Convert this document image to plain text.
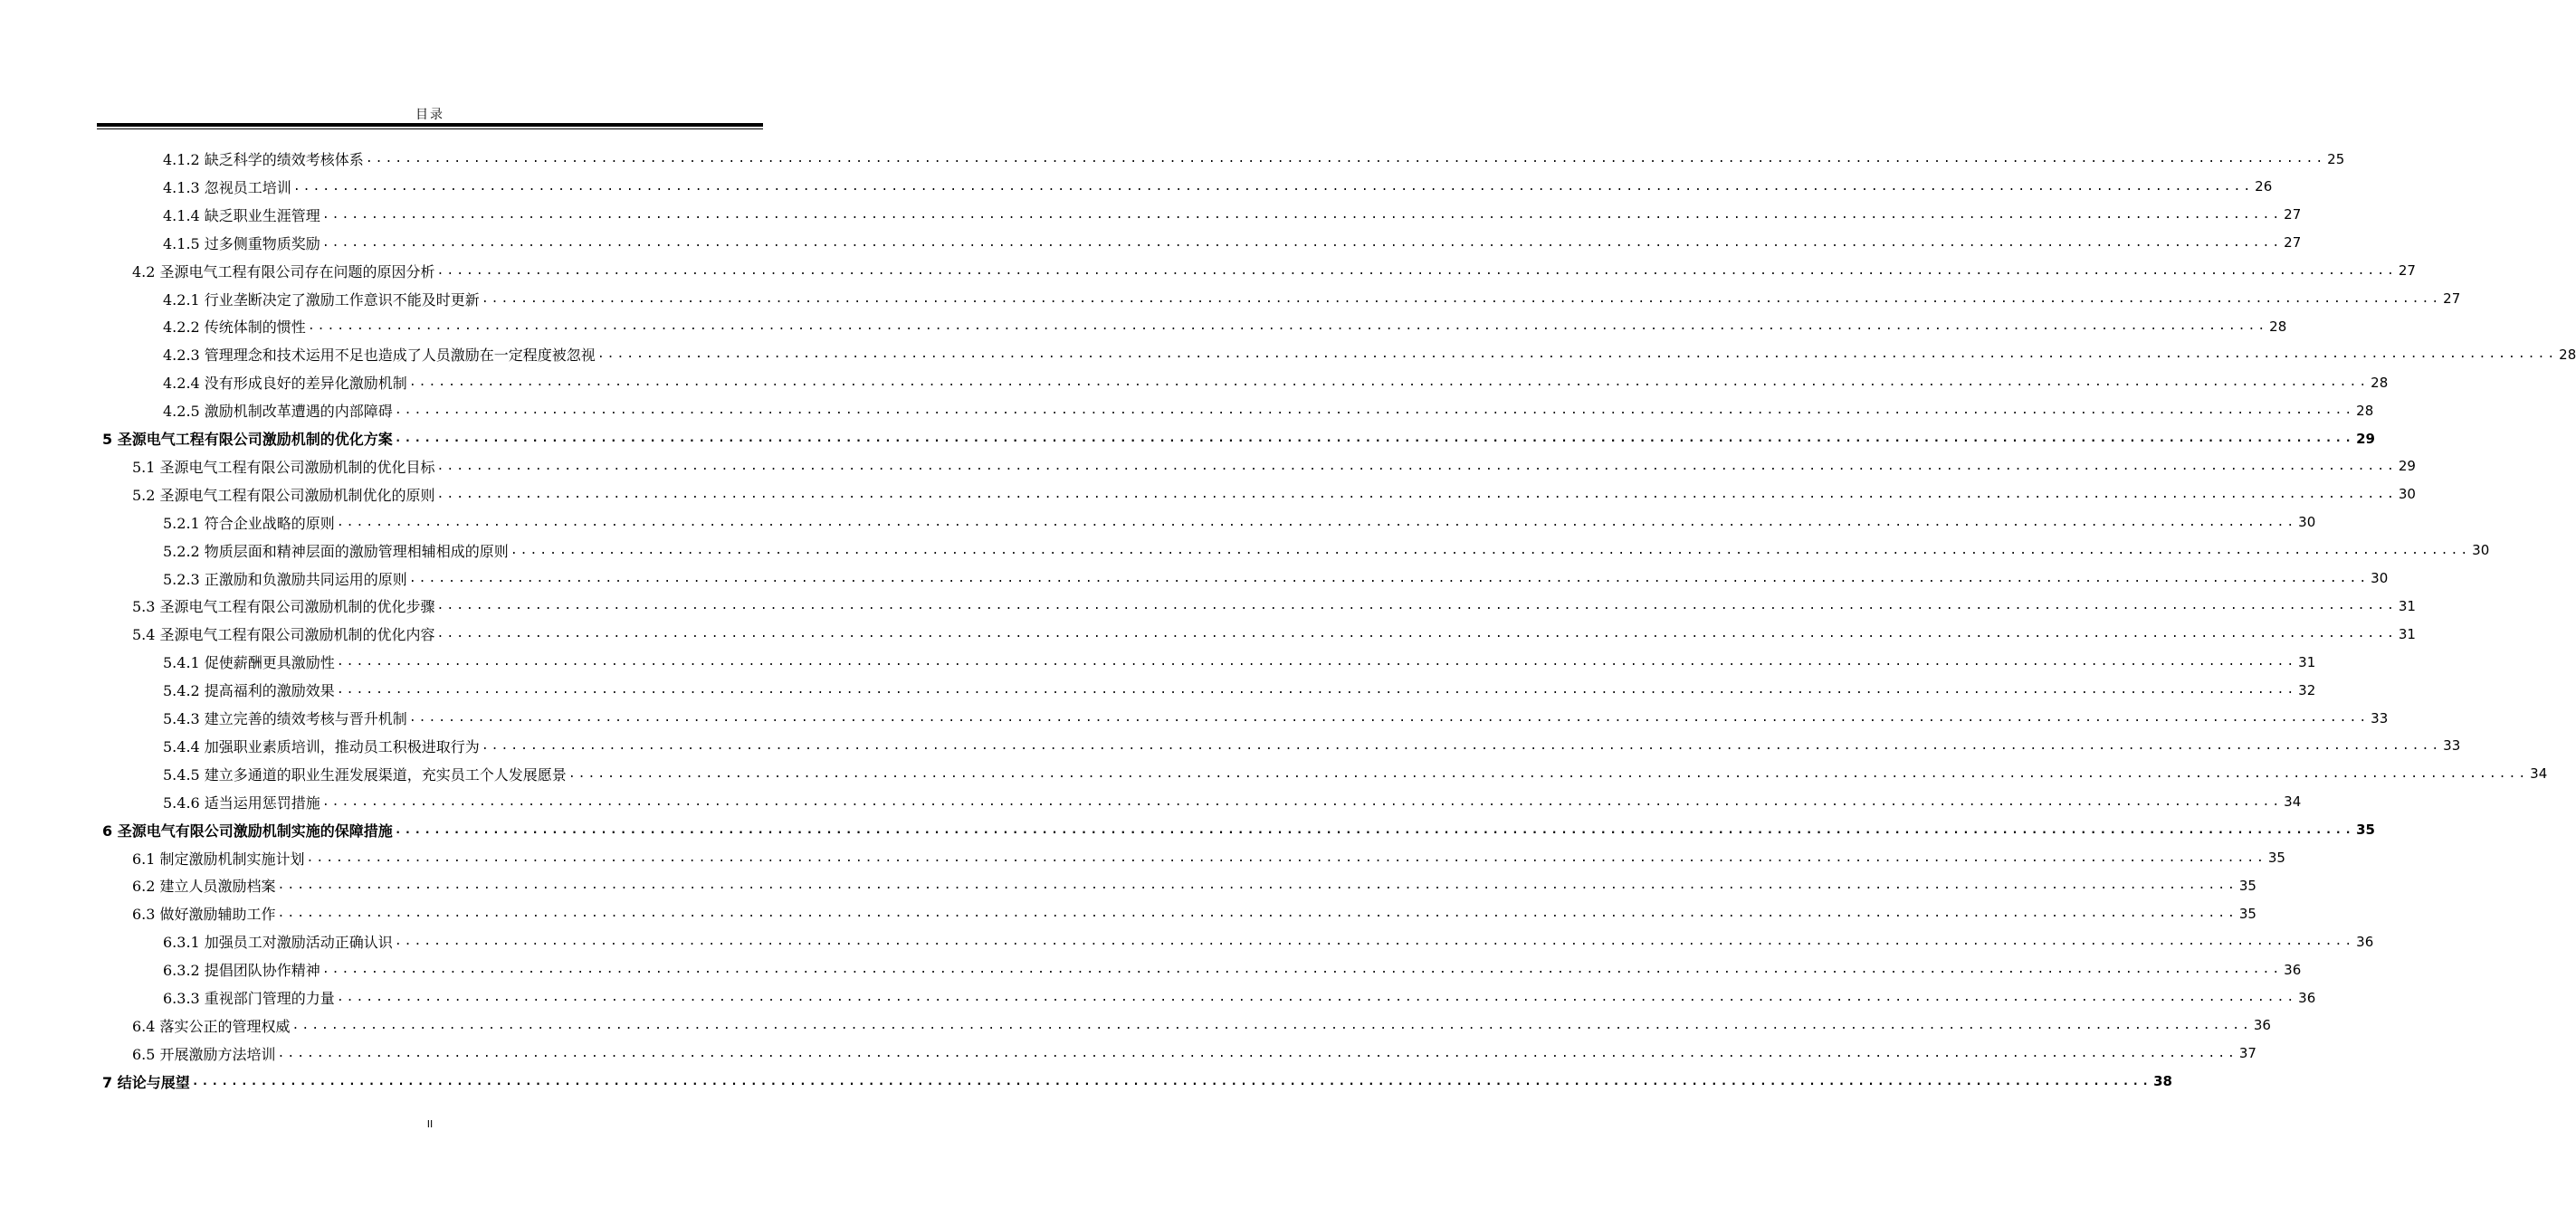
目录
4.1.2 缺乏科学的绩效考核体系 ........................................................................................................................................................................................................ 25
4.1.3 忽视员工培训 ........................................................................................................................................................................................................ 26
4.1.4 缺乏职业生涯管理 ........................................................................................................................................................................................................ 27
4.1.5 过多侧重物质奖励 ........................................................................................................................................................................................................ 27
4.2 圣源电气工程有限公司存在问题的原因分析 ........................................................................................................................................................................................................ 27
4.2.1 行业垄断决定了激励工作意识不能及时更新 ........................................................................................................................................................................................................ 27
4.2.2 传统体制的惯性 ........................................................................................................................................................................................................ 28
4.2.3 管理理念和技术运用不足也造成了人员激励在一定程度被忽视 ........................................................................................................................................................................................................ 28
4.2.4 没有形成良好的差异化激励机制 ........................................................................................................................................................................................................ 28
4.2.5 激励机制改革遭遇的内部障碍 ........................................................................................................................................................................................................ 28
5 圣源电气工程有限公司激励机制的优化方案 ........................................................................................................................................................................................................ 29
5.1 圣源电气工程有限公司激励机制的优化目标 ........................................................................................................................................................................................................ 29
5.2 圣源电气工程有限公司激励机制优化的原则 ........................................................................................................................................................................................................ 30
5.2.1 符合企业战略的原则 ........................................................................................................................................................................................................ 30
5.2.2 物质层面和精神层面的激励管理相辅相成的原则 ........................................................................................................................................................................................................ 30
5.2.3 正激励和负激励共同运用的原则 ........................................................................................................................................................................................................ 30
5.3 圣源电气工程有限公司激励机制的优化步骤 ........................................................................................................................................................................................................ 31
5.4 圣源电气工程有限公司激励机制的优化内容 ........................................................................................................................................................................................................ 31
5.4.1 促使薪酬更具激励性 ........................................................................................................................................................................................................ 31
5.4.2 提高福利的激励效果 ........................................................................................................................................................................................................ 32
5.4.3 建立完善的绩效考核与晋升机制 ........................................................................................................................................................................................................ 33
5.4.4 加强职业素质培训，推动员工积极进取行为 ........................................................................................................................................................................................................ 33
5.4.5 建立多通道的职业生涯发展渠道，充实员工个人发展愿景 ........................................................................................................................................................................................................ 34
5.4.6 适当运用惩罚措施 ........................................................................................................................................................................................................ 34
6 圣源电气有限公司激励机制实施的保障措施 ........................................................................................................................................................................................................ 35
6.1 制定激励机制实施计划 ........................................................................................................................................................................................................ 35
6.2 建立人员激励档案 ........................................................................................................................................................................................................ 35
6.3 做好激励辅助工作 ........................................................................................................................................................................................................ 35
6.3.1 加强员工对激励活动正确认识 ........................................................................................................................................................................................................ 36
6.3.2 提倡团队协作精神 ........................................................................................................................................................................................................ 36
6.3.3 重视部门管理的力量 ........................................................................................................................................................................................................ 36
6.4 落实公正的管理权威 ........................................................................................................................................................................................................ 36
6.5 开展激励方法培训 ........................................................................................................................................................................................................ 37
7 结论与展望 ........................................................................................................................................................................................................ 38
II
